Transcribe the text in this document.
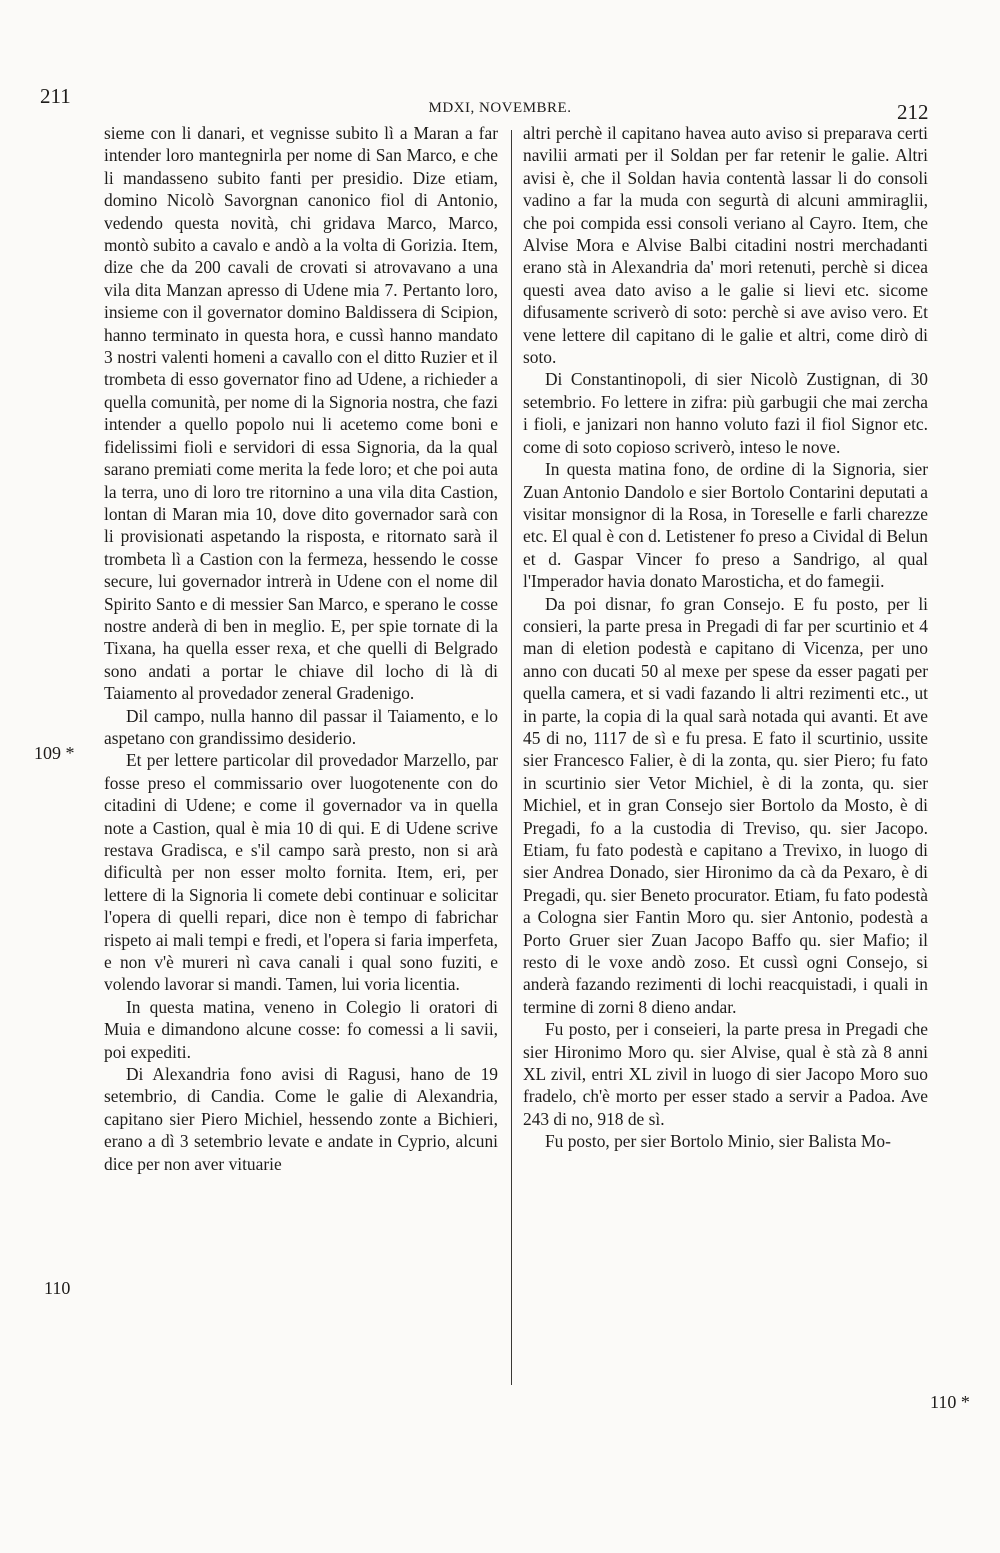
211	MDXI, NOVEMBRE.	212

sieme con li danari, et vegnisse subito lì a Maran a far intender loro mantegnirla per nome di San Marco, e che li mandasseno subito fanti per presidio. Dize etiam, domino Nicolò Savorgnan canonico fiol di Antonio, vedendo questa novità, chi gridava Marco, Marco, montò subito a cavalo e andò a la volta di Gorizia. Item, dize che da 200 cavali de crovati si atrovavano a una vila dita Manzan apresso di Udene mia 7. Pertanto loro, insieme con il governator domino Baldissera di Scipion, hanno terminato in questa hora, e cussì hanno mandato 3 nostri valenti homeni a cavallo con el ditto Ruzier et il trombeta di esso governator fino ad Udene, a richieder a quella comunità, per nome di la Signoria nostra, che fazi intender a quello popolo nui li acetemo come boni e fidelissimi fioli e servidori di essa Signoria, da la qual sarano premiati come merita la fede loro; et che poi auta la terra, uno di loro tre ritornino a una vila dita Castion, lontan di Maran mia 10, dove dito governador sarà con li provisionati aspetando la risposta, e ritornato sarà il trombeta lì a Castion con la fermeza, hessendo le cosse secure, lui governador intrerà in Udene con el nome dil Spirito Santo e di messier San Marco, e sperano le cosse nostre anderà di ben in meglio. E, per spie tornate di la Tixana, ha quella esser rexa, et che quelli di Belgrado sono andati a portar le chiave dil locho di là di Taiamento al provedador zeneral Gradenigo.

Dil campo, nulla hanno dil passar il Taiamento, e lo aspetano con grandissimo desiderio.

Et per lettere particolar dil provedador Marzello, par fosse preso el commissario over luogotenente con do citadini di Udene; e come il governador va in quella note a Castion, qual è mia 10 di qui. E di Udene scrive restava Gradisca, e s'il campo sarà presto, non si arà dificultà per non esser molto fornita. Item, eri, per lettere di la Signoria li comete debi continuar e solicitar l'opera di quelli repari, dice non è tempo di fabrichar rispeto ai mali tempi e fredi, et l'opera si faria imperfeta, e non v'è mureri nì cava canali i qual sono fuziti, e volendo lavorar si mandi. Tamen, lui voria licentia.

In questa matina, veneno in Colegio li oratori di Muia e dimandono alcune cosse: fo comessi a li savii, poi expediti.

Di Alexandria fono avisi di Ragusi, hano de 19 setembrio, di Candia. Come le galie di Alexandria, capitano sier Piero Michiel, hessendo zonte a Bichieri, erano a dì 3 setembrio levate e andate in Cyprio, alcuni dice per non aver vituarie

altri perchè il capitano havea auto aviso si preparava certi navilii armati per il Soldan per far retenir le galie. Altri avisi è, che il Soldan havia contentà lassar li do consoli vadino a far la muda con segurtà di alcuni ammiraglii, che poi compida essi consoli veriano al Cayro. Item, che Alvise Mora e Alvise Balbi citadini nostri merchadanti erano stà in Alexandria da' mori retenuti, perchè si dicea questi avea dato aviso a le galie si lievi etc. sicome difusamente scriverò di soto: perchè si ave aviso vero. Et vene lettere dil capitano di le galie et altri, come dirò di soto.

Di Constantinopoli, di sier Nicolò Zustignan, di 30 setembrio. Fo lettere in zifra: più garbugii che mai zercha i fioli, e janizari non hanno voluto fazi il fiol Signor etc. come di soto copioso scriverò, inteso le nove.

In questa matina fono, de ordine di la Signoria, sier Zuan Antonio Dandolo e sier Bortolo Contarini deputati a visitar monsignor di la Rosa, in Toreselle e farli charezze etc. El qual è con d. Letistener fo preso a Cividal di Belun et d. Gaspar Vincer fo preso a Sandrigo, al qual l'Imperador havia donato Marosticha, et do famegii.

Da poi disnar, fo gran Consejo. E fu posto, per li consieri, la parte presa in Pregadi di far per scurtinio et 4 man di eletion podestà e capitano di Vicenza, per uno anno con ducati 50 al mexe per spese da esser pagati per quella camera, et si vadi fazando li altri rezimenti etc., ut in parte, la copia di la qual sarà notada qui avanti. Et ave 45 di no, 1117 de sì e fu presa. E fato il scurtinio, ussite sier Francesco Falier, è di la zonta, qu. sier Piero; fu fato in scurtinio sier Vetor Michiel, è di la zonta, qu. sier Michiel, et in gran Consejo sier Bortolo da Mosto, è di Pregadi, fo a la custodia di Treviso, qu. sier Jacopo. Etiam, fu fato podestà e capitano a Trevixo, in luogo di sier Andrea Donado, sier Hironimo da cà da Pexaro, è di Pregadi, qu. sier Beneto procurator. Etiam, fu fato podestà a Cologna sier Fantin Moro qu. sier Antonio, podestà a Porto Gruer sier Zuan Jacopo Baffo qu. sier Mafio; il resto di le voxe andò zoso. Et cussì ogni Consejo, si anderà fazando rezimenti di lochi reacquistadi, i quali in termine di zorni 8 dieno andar.

Fu posto, per i conseieri, la parte presa in Pregadi che sier Hironimo Moro qu. sier Alvise, qual è stà zà 8 anni XL zivil, entri XL zivil in luogo di sier Jacopo Moro suo fradelo, ch'è morto per esser stado a servir a Padoa. Ave 243 di no, 918 de sì.

Fu posto, per sier Bortolo Minio, sier Balista Mo-

109 *
110
110 *
